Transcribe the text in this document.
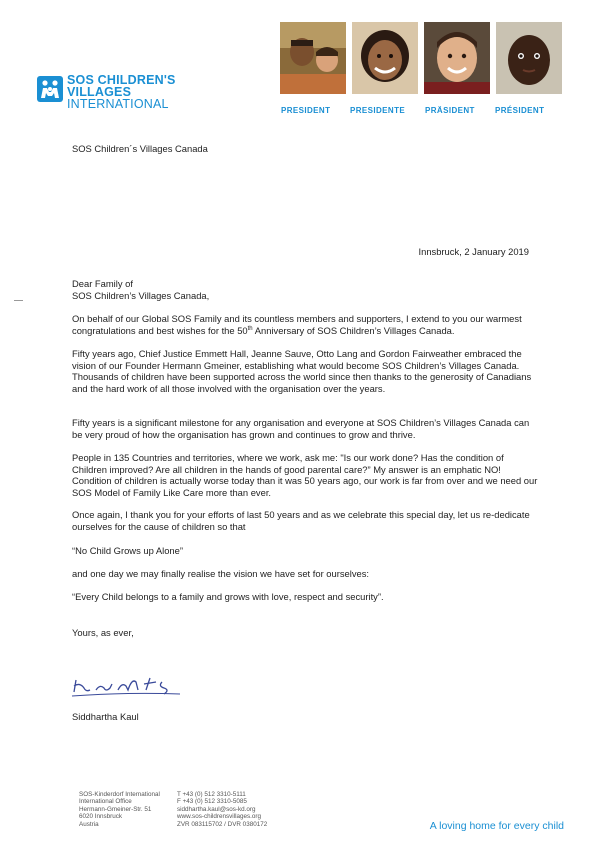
SOS CHILDREN'S
VILLAGES
INTERNATIONAL	PRESIDENT PRESIDENTE PRÄSIDENT	PRÉSIDENT
SOS Children´s Villages Canada
Innsbruck, 2 January 2019
Dear Family of
SOS Children’s Villages Canada,
On behalf of our Global SOS Family and its countless members and supporters, I extend to you our warmest congratulations and best wishes for the 50th Anniversary of SOS Children’s Villages Canada.
Fifty years ago, Chief Justice Emmett Hall, Jeanne Sauve, Otto Lang and Gordon Fairweather embraced the vision of our Founder Hermann Gmeiner, establishing what would become SOS Children’s Villages Canada. Thousands of children have been supported across the world since then thanks to the generosity of Canadians and the hard work of all those involved with the organisation over the years.
Fifty years is a significant milestone for any organisation and everyone at SOS Children’s Villages Canada can be very proud of how the organisation has grown and continues to grow and thrive.
People in 135 Countries and territories, where we work, ask me: "Is our work done? Has the condition of Children improved? Are all children in the hands of good parental care?” My answer is an emphatic NO! Condition of children is actually worse today than it was 50 years ago, our work is far from over and we need our SOS Model of Family Like Care more than ever.
Once again, I thank you for your efforts of last 50 years and as we celebrate this special day, let us re-dedicate ourselves for the cause of children so that
“No Child Grows up Alone”
and one day we may finally realise the vision we have set for ourselves:
“Every Child belongs to a family and grows with love, respect and security”.
Yours, as ever,
Siddhartha Kaul
SOS-Kinderdorf International
International Office
Hermann-Gmeiner-Str. 51
6020 Innsbruck
Austria
T +43 (0) 512 3310-5111
F +43 (0) 512 3310-5085
siddhartha.kaul@sos-kd.org
www.sos-childrensvillages.org
ZVR 083115702 / DVR 0380172	A loving home for every child
